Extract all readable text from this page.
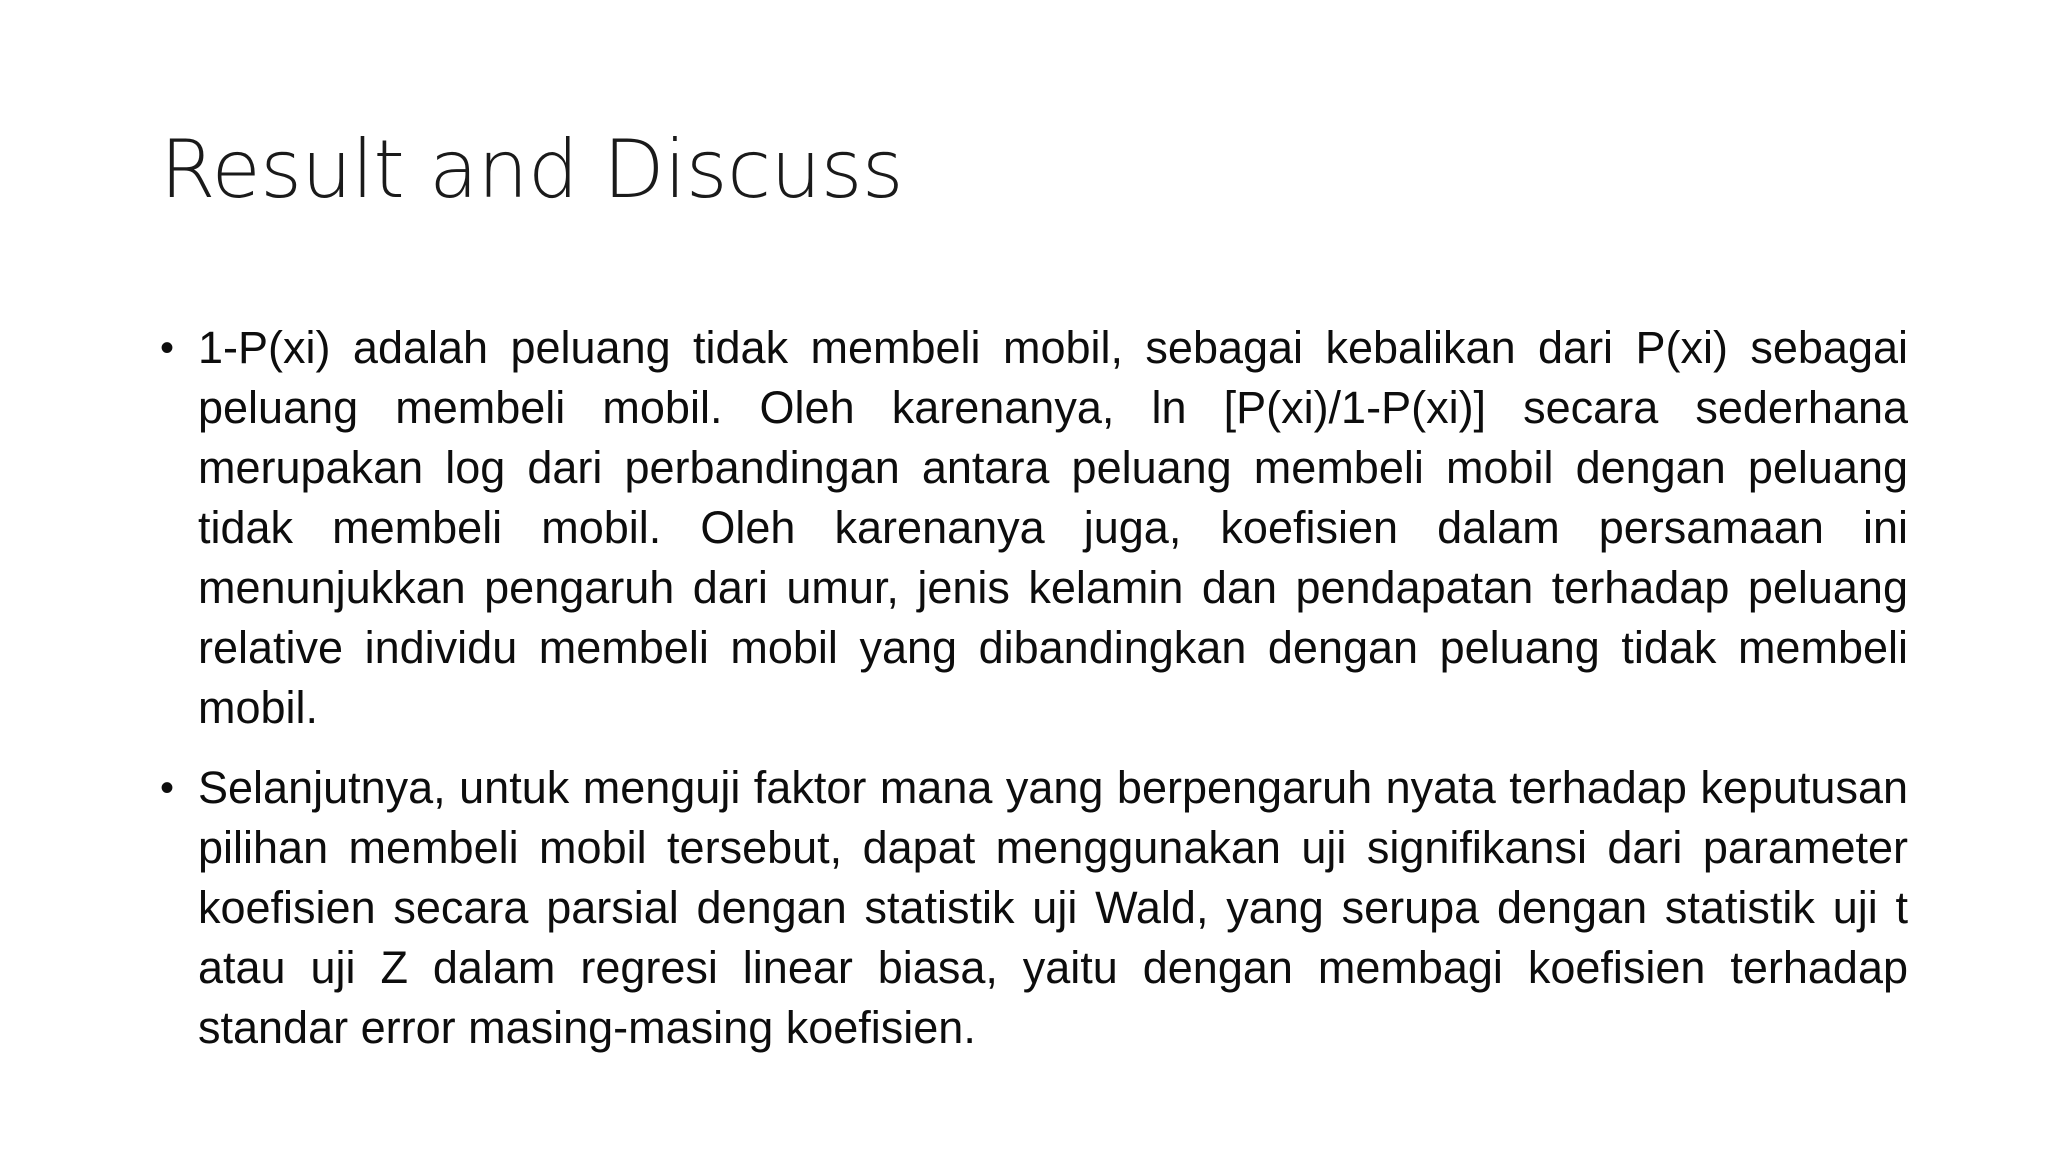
Result and Discuss
• 1-P(xi) adalah peluang tidak membeli mobil, sebagai kebalikan dari P(xi) sebagai peluang membeli mobil. Oleh karenanya, ln [P(xi)/1-P(xi)] secara sederhana merupakan log dari perbandingan antara peluang membeli mobil dengan peluang tidak membeli mobil. Oleh karenanya juga, koefisien dalam persamaan ini menunjukkan pengaruh dari umur, jenis kelamin dan pendapatan terhadap peluang relative individu membeli mobil yang dibandingkan dengan peluang tidak membeli mobil.
• Selanjutnya, untuk menguji faktor mana yang berpengaruh nyata terhadap keputusan pilihan membeli mobil tersebut, dapat menggunakan uji signifikansi dari parameter koefisien secara parsial dengan statistik uji Wald, yang serupa dengan statistik uji t atau uji Z dalam regresi linear biasa, yaitu dengan membagi koefisien terhadap standar error masing-masing koefisien.
